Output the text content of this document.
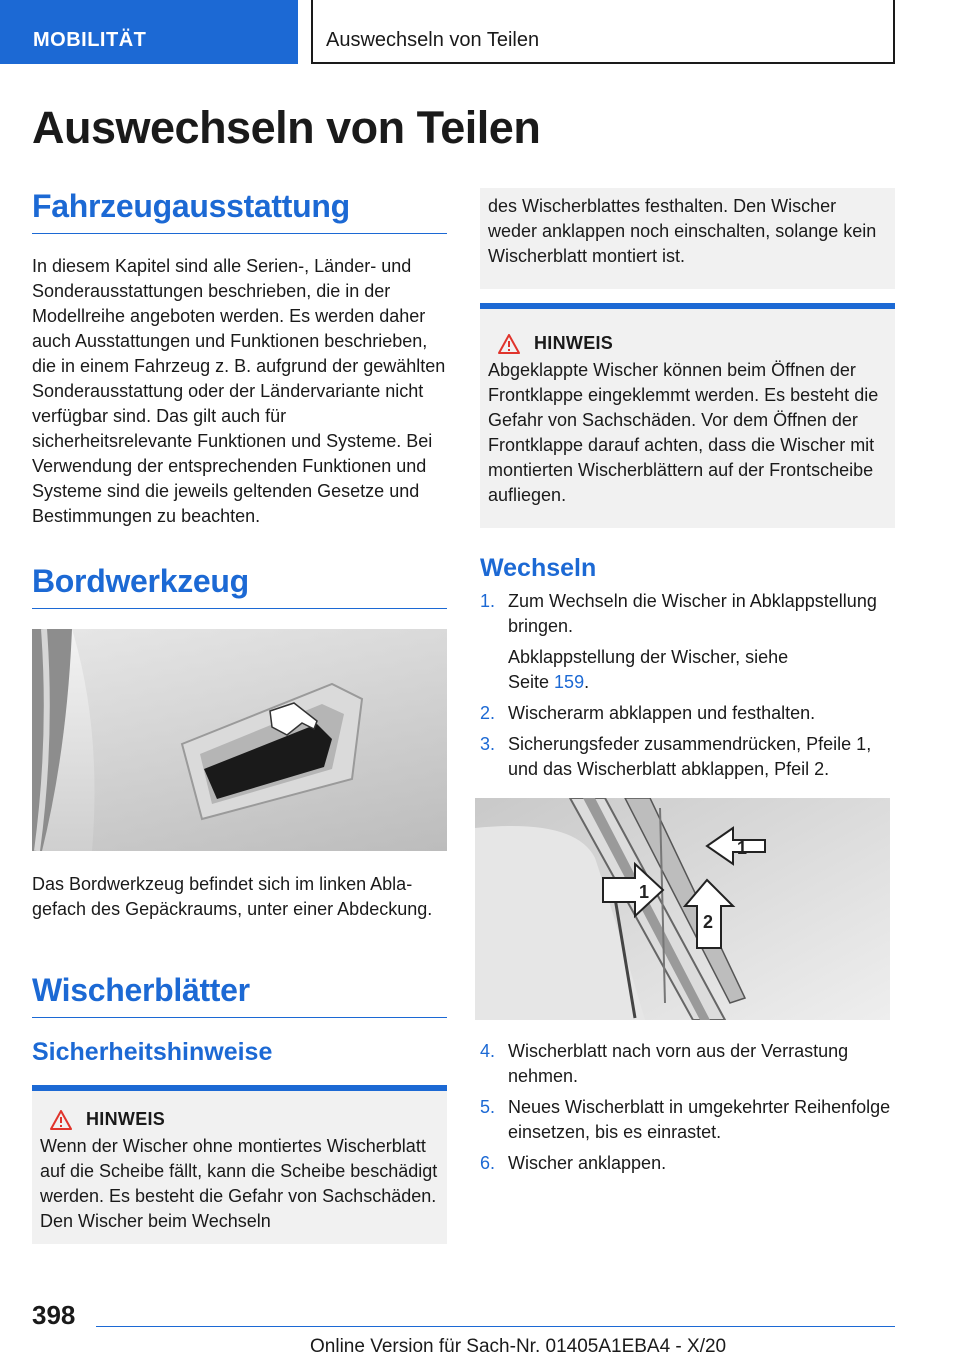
MOBILITÄT	Auswechseln von Teilen
Auswechseln von Teilen
Fahrzeugausstattung

In diesem Kapitel sind alle Serien-, Länder- und Sonderausstattungen beschrieben, die in der Modellreihe angeboten werden. Es werden daher auch Ausstattungen und Funktionen beschrieben, die in einem Fahrzeug z. B. aufgrund der gewählten Sonderausstattung oder der Ländervariante nicht verfügbar sind. Das gilt auch für sicherheitsrelevante Funktionen und Systeme. Bei Verwendung der entsprechenden Funktionen und Systeme sind die jeweils geltenden Gesetze und Bestimmungen zu beachten.

Bordwerkzeug

Das Bordwerkzeug befindet sich im linken Ablagefach des Gepäckraums, unter einer Abdeckung.

Wischerblätter
Sicherheitshinweise
HINWEIS

Wenn der Wischer ohne montiertes Wischerblatt auf die Scheibe fällt, kann die Scheibe beschädigt werden. Es besteht die Gefahr von Sachschäden. Den Wischer beim Wechseln

des Wischerblattes festhalten. Den Wischer weder anklappen noch einschalten, solange kein Wischerblatt montiert ist.

HINWEIS

Abgeklappte Wischer können beim Öffnen der Frontklappe eingeklemmt werden. Es besteht die Gefahr von Sachschäden. Vor dem Öffnen der Frontklappe darauf achten, dass die Wischer mit montierten Wischerblättern auf der Frontscheibe aufliegen.

Wechseln
1. Zum Wechseln die Wischer in Abklappstellung bringen.

Abklappstellung der Wischer, siehe
Seite 159.

2. Wischerarm abklappen und festhalten.

3. Sicherungsfeder zusammendrücken, Pfeile 1, und das Wischerblatt abklappen, Pfeil 2.

1
1
2
4. Wischerblatt nach vorn aus der Verrastung nehmen.

5. Neues Wischerblatt in umgekehrter Reihenfolge einsetzen, bis es einrastet.

6. Wischer anklappen.

398
Online Version für Sach-Nr. 01405A1EBA4 - X/20
